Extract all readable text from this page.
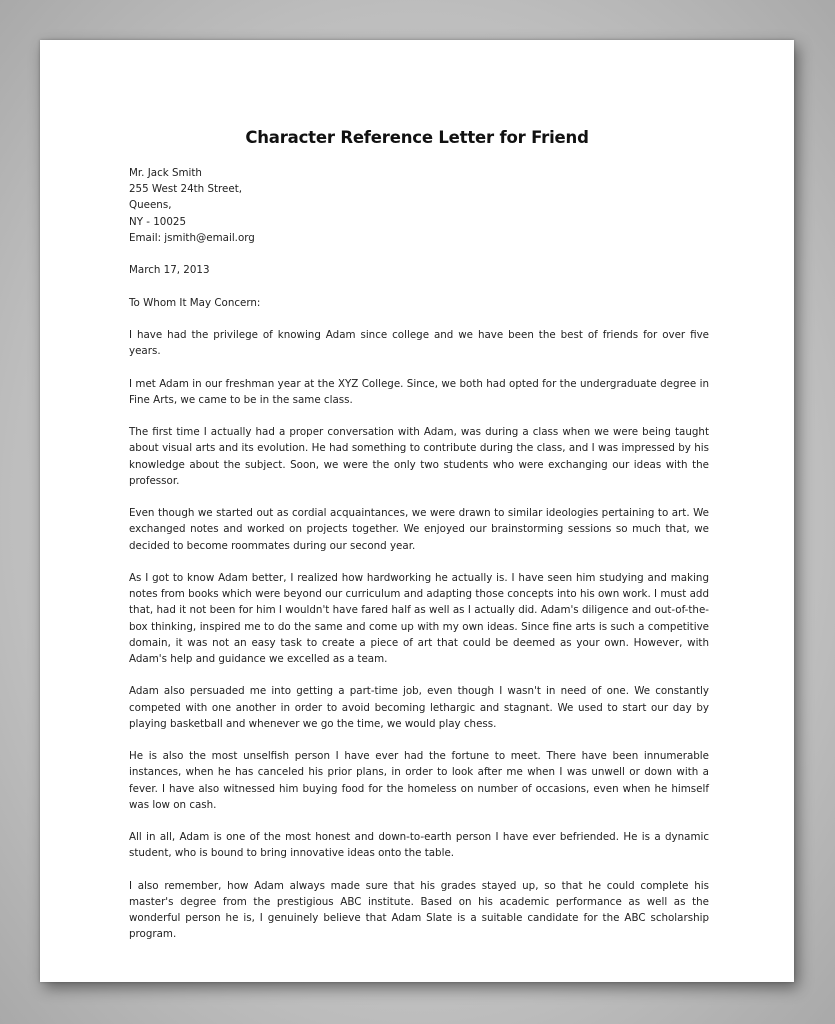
Character Reference Letter for Friend
Mr. Jack Smith
255 West 24th Street,
Queens,
NY - 10025
Email: jsmith@email.org
March 17, 2013
To Whom It May Concern:

I have had the privilege of knowing Adam since college and we have been the best of friends for over five years.

I met Adam in our freshman year at the XYZ College. Since, we both had opted for the undergraduate degree in Fine Arts, we came to be in the same class.

The first time I actually had a proper conversation with Adam, was during a class when we were being taught about visual arts and its evolution. He had something to contribute during the class, and I was impressed by his knowledge about the subject. Soon, we were the only two students who were exchanging our ideas with the professor.

Even though we started out as cordial acquaintances, we were drawn to similar ideologies pertaining to art. We exchanged notes and worked on projects together. We enjoyed our brainstorming sessions so much that, we decided to become roommates during our second year.

As I got to know Adam better, I realized how hardworking he actually is. I have seen him studying and making notes from books which were beyond our curriculum and adapting those concepts into his own work. I must add that, had it not been for him I wouldn't have fared half as well as I actually did. Adam's diligence and out-of-the-box thinking, inspired me to do the same and come up with my own ideas. Since fine arts is such a competitive domain, it was not an easy task to create a piece of art that could be deemed as your own. However, with Adam's help and guidance we excelled as a team.

Adam also persuaded me into getting a part-time job, even though I wasn't in need of one. We constantly competed with one another in order to avoid becoming lethargic and stagnant. We used to start our day by playing basketball and whenever we go the time, we would play chess.

He is also the most unselfish person I have ever had the fortune to meet. There have been innumerable instances, when he has canceled his prior plans, in order to look after me when I was unwell or down with a fever. I have also witnessed him buying food for the homeless on number of occasions, even when he himself was low on cash.

All in all, Adam is one of the most honest and down-to-earth person I have ever befriended. He is a dynamic student, who is bound to bring innovative ideas onto the table.

I also remember, how Adam always made sure that his grades stayed up, so that he could complete his master's degree from the prestigious ABC institute. Based on his academic performance as well as the wonderful person he is, I genuinely believe that Adam Slate is a suitable candidate for the ABC scholarship program.
